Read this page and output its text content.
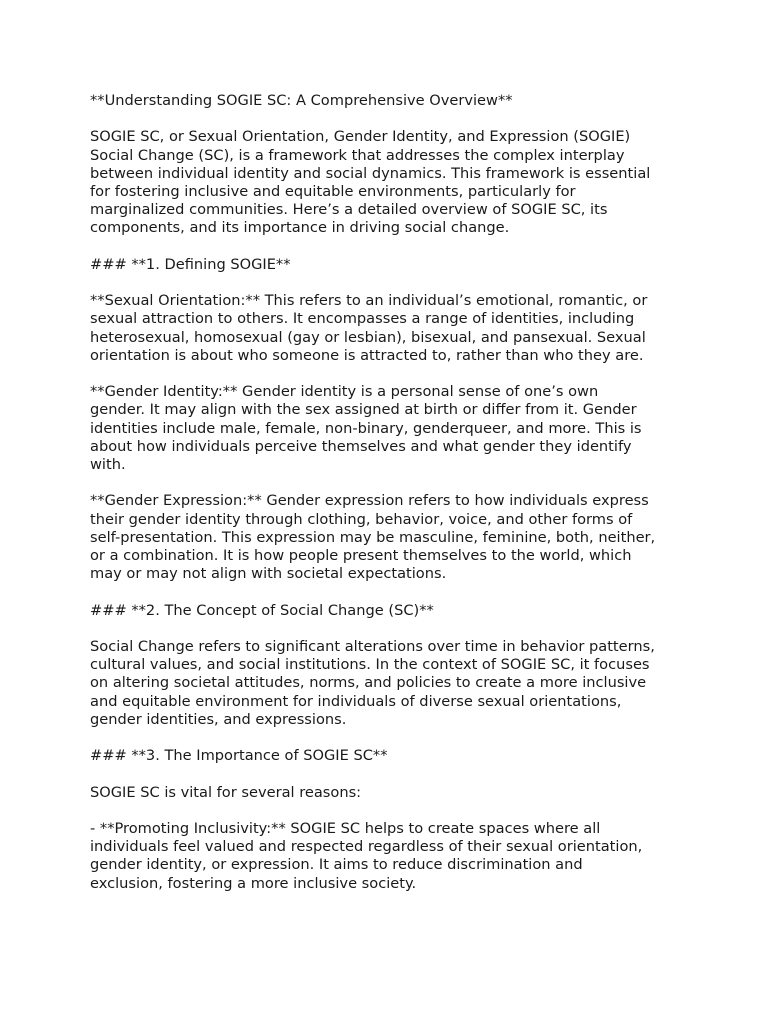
**Understanding SOGIE SC: A Comprehensive Overview**
SOGIE SC, or Sexual Orientation, Gender Identity, and Expression (SOGIE)
Social Change (SC), is a framework that addresses the complex interplay
between individual identity and social dynamics. This framework is essential
for fostering inclusive and equitable environments, particularly for
marginalized communities. Here’s a detailed overview of SOGIE SC, its
components, and its importance in driving social change.
### **1. Defining SOGIE**
**Sexual Orientation:** This refers to an individual’s emotional, romantic, or
sexual attraction to others. It encompasses a range of identities, including
heterosexual, homosexual (gay or lesbian), bisexual, and pansexual. Sexual
orientation is about who someone is attracted to, rather than who they are.
**Gender Identity:** Gender identity is a personal sense of one’s own
gender. It may align with the sex assigned at birth or differ from it. Gender
identities include male, female, non-binary, genderqueer, and more. This is
about how individuals perceive themselves and what gender they identify
with.
**Gender Expression:** Gender expression refers to how individuals express
their gender identity through clothing, behavior, voice, and other forms of
self-presentation. This expression may be masculine, feminine, both, neither,
or a combination. It is how people present themselves to the world, which
may or may not align with societal expectations.
### **2. The Concept of Social Change (SC)**
Social Change refers to significant alterations over time in behavior patterns,
cultural values, and social institutions. In the context of SOGIE SC, it focuses
on altering societal attitudes, norms, and policies to create a more inclusive
and equitable environment for individuals of diverse sexual orientations,
gender identities, and expressions.
### **3. The Importance of SOGIE SC**
SOGIE SC is vital for several reasons:
- **Promoting Inclusivity:** SOGIE SC helps to create spaces where all
individuals feel valued and respected regardless of their sexual orientation,
gender identity, or expression. It aims to reduce discrimination and
exclusion, fostering a more inclusive society.
